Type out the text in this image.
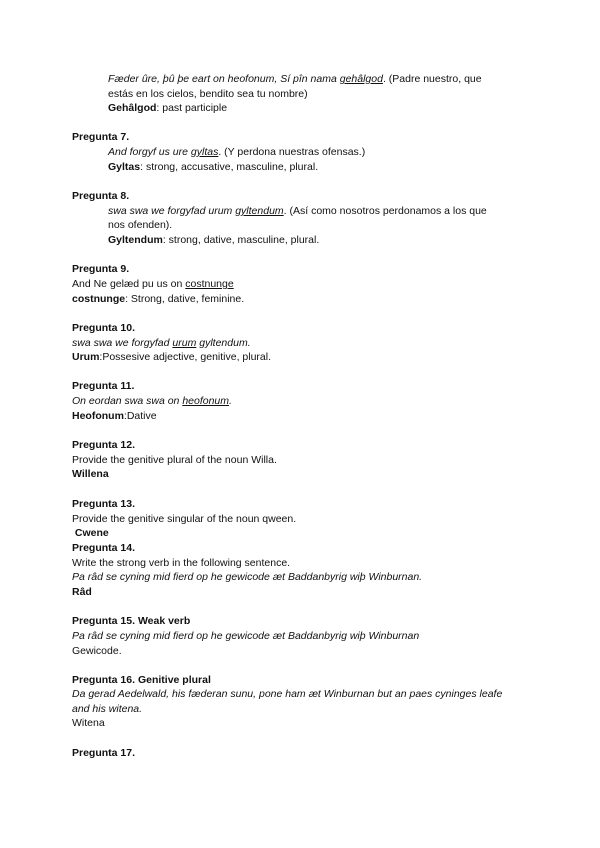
Fæder ûre, þû þe eart on heofonum, Sí pîn nama gehâlgod. (Padre nuestro, que
estás en los cielos, bendito sea tu nombre)
Gehâlgod: past participle
Pregunta 7.
And forgyf us ure gyltas. (Y perdona nuestras ofensas.)
Gyltas: strong, accusative, masculine, plural.
Pregunta 8.
swa swa we forgyfad urum gyltendum. (Así como nosotros perdonamos a los que
nos ofenden).
Gyltendum: strong, dative, masculine, plural.
Pregunta 9.
And Ne gelæd pu us on costnunge
costnunge: Strong, dative, feminine.
Pregunta 10.
swa swa we forgyfad urum gyltendum.
Urum:Possesive adjective, genitive, plural.
Pregunta 11.
On eordan swa swa on heofonum.
Heofonum:Dative
Pregunta 12.
Provide the genitive plural of the noun Willa.
Willena
Pregunta 13.
Provide the genitive singular of the noun qween.
Cwene
Pregunta 14.
Write the strong verb in the following sentence.
Pa râd se cyning mid fierd op he gewicode æt Baddanbyrig wiþ Winburnan.
Râd
Pregunta 15. Weak verb
Pa râd se cyning mid fierd op he gewicode æt Baddanbyrig wiþ Winburnan
Gewicode.
Pregunta 16. Genitive plural
Da gerad Aedelwald, his fæderan sunu, pone ham æt Winburnan but an paes cyninges leafe
and his witena.
Witena
Pregunta 17.
